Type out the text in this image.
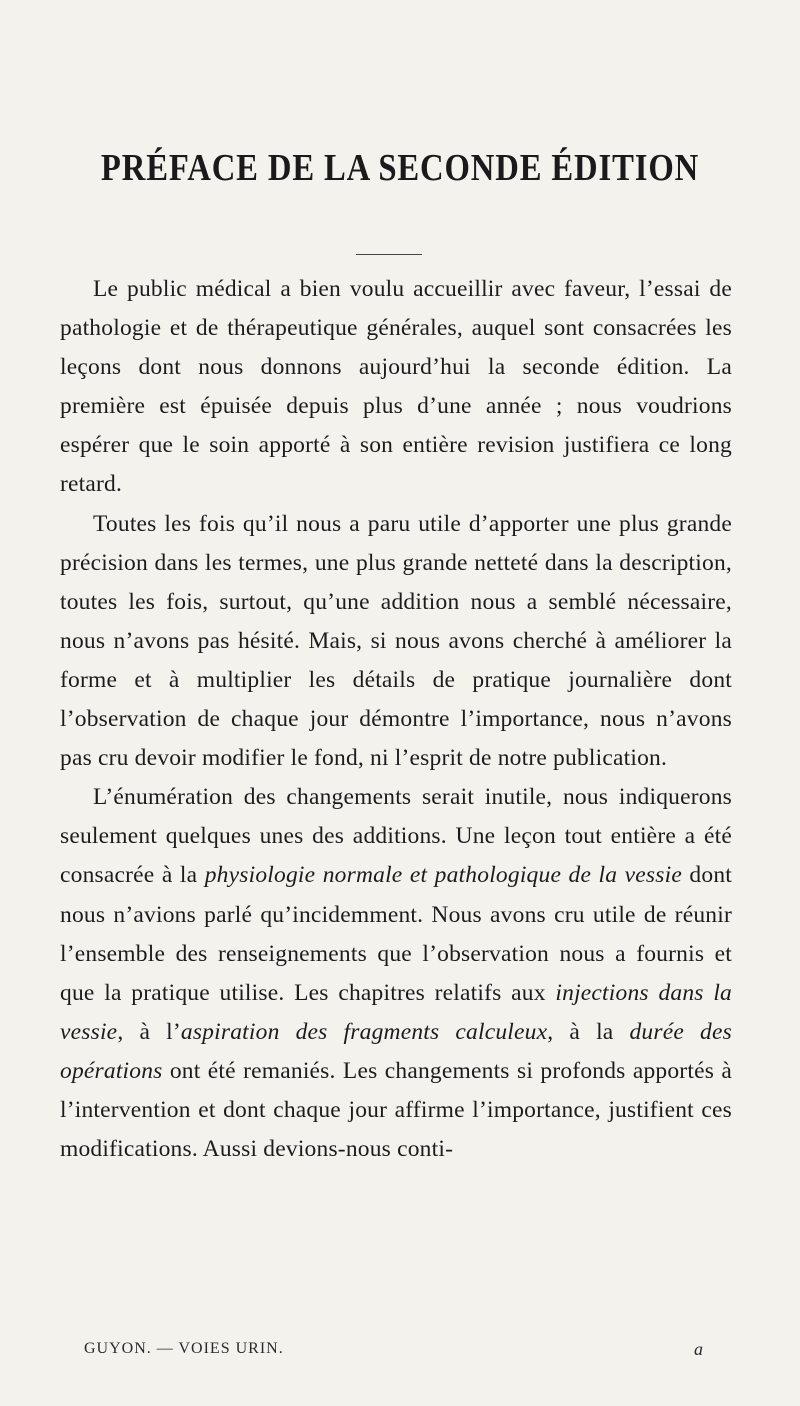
PRÉFACE DE LA SECONDE ÉDITION

Le public médical a bien voulu accueillir avec faveur, l’essai de pathologie et de thérapeutique générales, auquel sont consacrées les leçons dont nous donnons aujourd’hui la seconde édition. La première est épuisée depuis plus d’une année ; nous voudrions espérer que le soin apporté à son entière revision justifiera ce long retard.

Toutes les fois qu’il nous a paru utile d’apporter une plus grande précision dans les termes, une plus grande netteté dans la description, toutes les fois, surtout, qu’une addition nous a semblé nécessaire, nous n’avons pas hésité. Mais, si nous avons cherché à améliorer la forme et à multiplier les détails de pratique journalière dont l’observation de chaque jour démontre l’importance, nous n’avons pas cru devoir modifier le fond, ni l’esprit de notre publication.

L’énumération des changements serait inutile, nous indiquerons seulement quelques unes des additions. Une leçon tout entière a été consacrée à la physiologie normale et pathologique de la vessie dont nous n’avions parlé qu’incidemment. Nous avons cru utile de réunir l’ensemble des renseignements que l’observation nous a fournis et que la pratique utilise. Les chapitres relatifs aux injections dans la vessie, à l’aspiration des fragments calculeux, à la durée des opérations ont été remaniés. Les changements si profonds apportés à l’intervention et dont chaque jour affirme l’importance, justifient ces modifications. Aussi devions-nous conti-

GUYON. — VOIES URIN.	a
